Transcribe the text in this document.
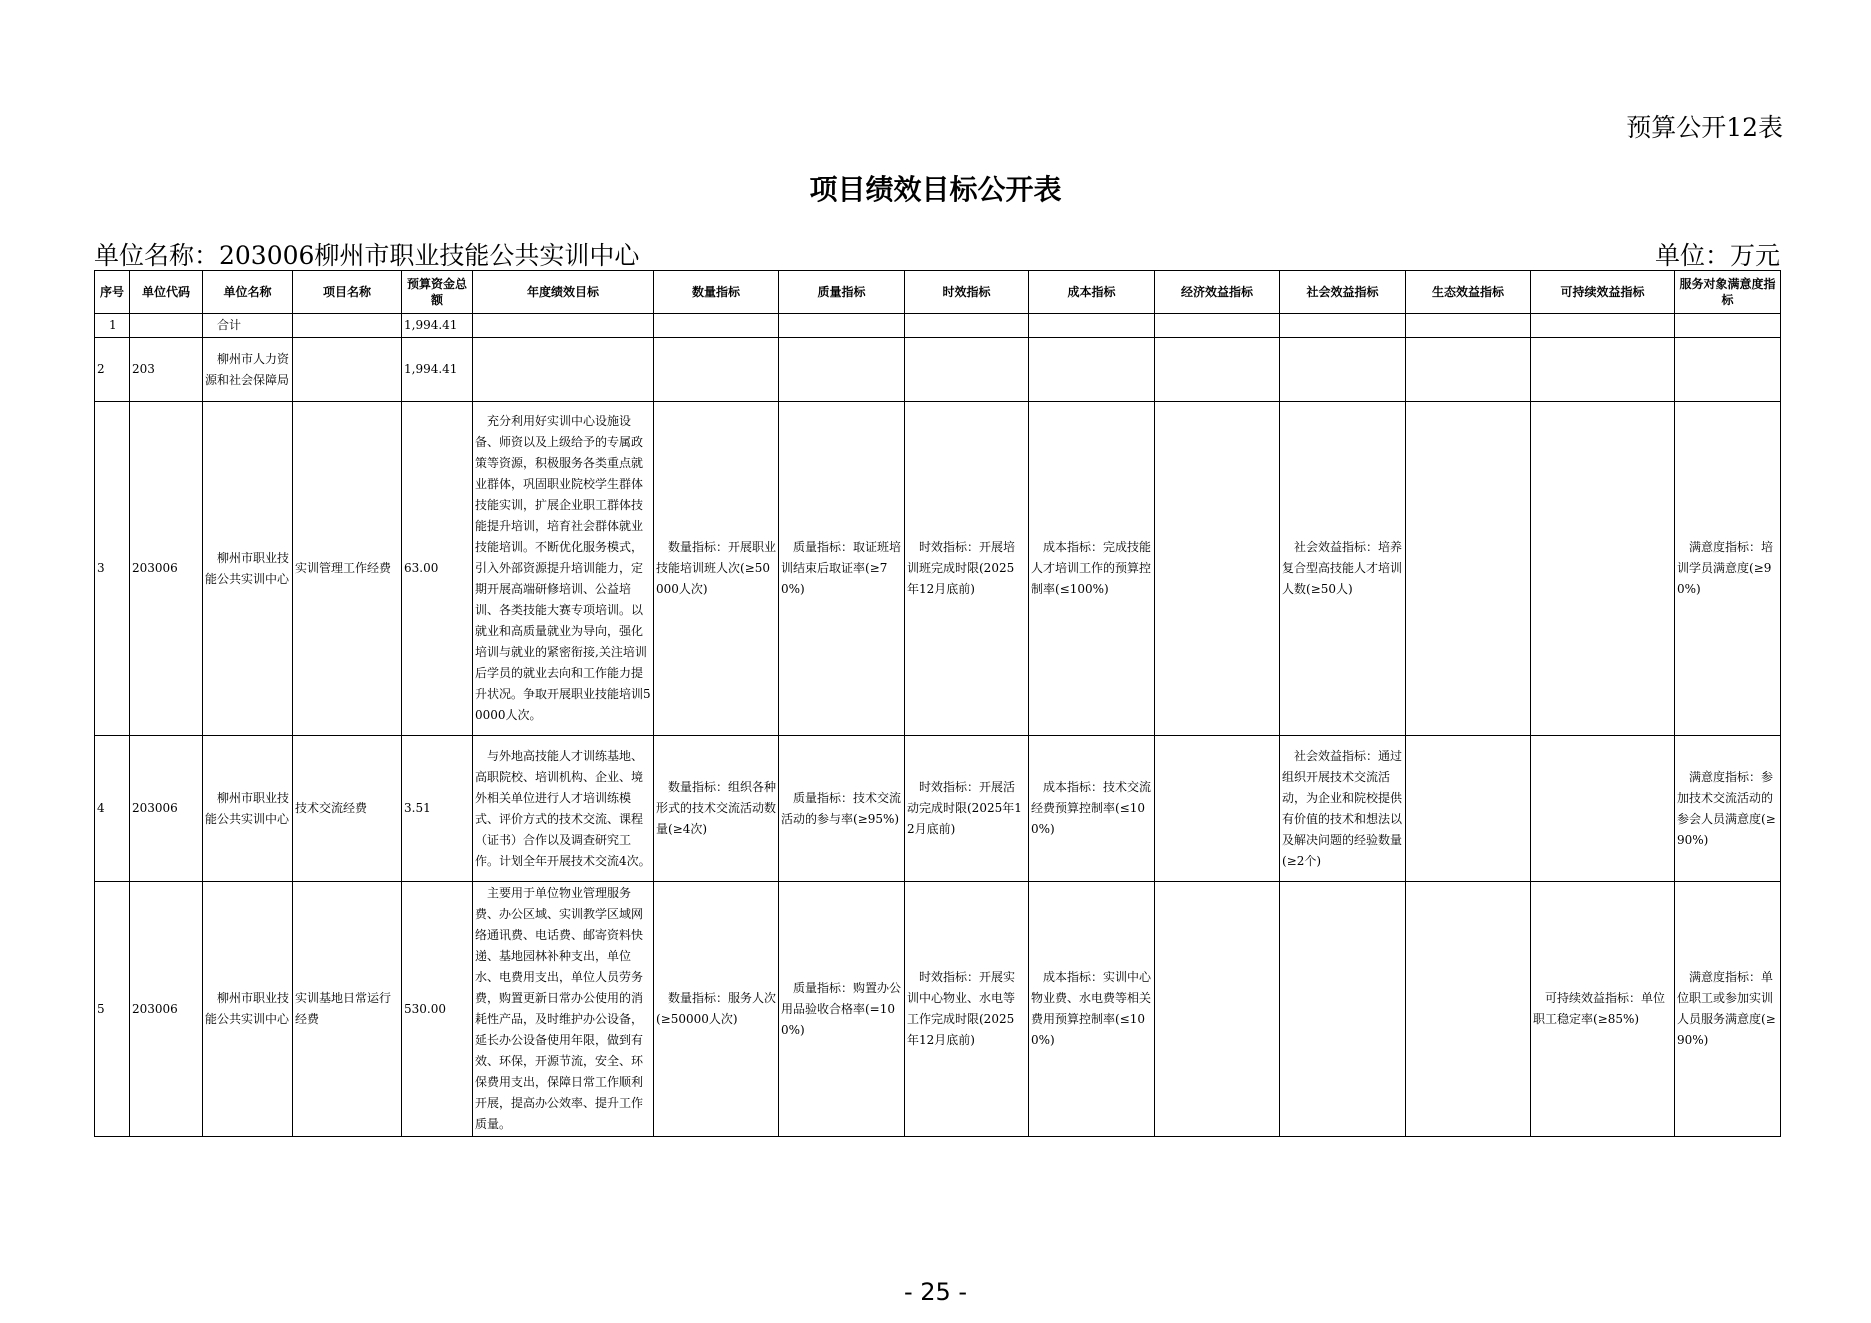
预算公开12表
项目绩效目标公开表
单位名称：203006柳州市职业技能公共实训中心	单位：万元
序号	单位代码	单位名称	项目名称	预算资金总额	年度绩效目标	数量指标	质量指标	时效指标	成本指标	经济效益指标	社会效益指标	生态效益指标	可持续效益指标	服务对象满意度指标
1		合计		1,994.41										
2	203	柳州市人力资源和社会保障局		1,994.41										
3	203006	柳州市职业技能公共实训中心	实训管理工作经费	63.00	充分利用好实训中心设施设备、师资以及上级给予的专属政策等资源，积极服务各类重点就业群体，巩固职业院校学生群体技能实训，扩展企业职工群体技能提升培训，培育社会群体就业技能培训。不断优化服务模式，引入外部资源提升培训能力，定期开展高端研修培训、公益培训、各类技能大赛专项培训。以就业和高质量就业为导向，强化培训与就业的紧密衔接,关注培训后学员的就业去向和工作能力提升状况。争取开展职业技能培训50000人次。	数量指标：开展职业技能培训班人次(≥50000人次)	质量指标：取证班培训结束后取证率(≥70%)	时效指标：开展培训班完成时限(2025年12月底前)	成本指标：完成技能人才培训工作的预算控制率(≤100%)		社会效益指标：培养复合型高技能人才培训人数(≥50人)			满意度指标：培训学员满意度(≥90%)
4	203006	柳州市职业技能公共实训中心	技术交流经费	3.51	与外地高技能人才训练基地、高职院校、培训机构、企业、境外相关单位进行人才培训练模式、评价方式的技术交流、课程（证书）合作以及调查研究工作。计划全年开展技术交流4次。	数量指标：组织各种形式的技术交流活动数量(≥4次)	质量指标：技术交流活动的参与率(≥95%)	时效指标：开展活动完成时限(2025年12月底前)	成本指标：技术交流经费预算控制率(≤100%)		社会效益指标：通过组织开展技术交流活动，为企业和院校提供有价值的技术和想法以及解决问题的经验数量(≥2个)			满意度指标：参加技术交流活动的参会人员满意度(≥90%)
5	203006	柳州市职业技能公共实训中心	实训基地日常运行经费	530.00	主要用于单位物业管理服务费、办公区域、实训教学区域网络通讯费、电话费、邮寄资料快递、基地园林补种支出，单位水、电费用支出，单位人员劳务费，购置更新日常办公使用的消耗性产品，及时维护办公设备，延长办公设备使用年限，做到有效、环保，开源节流，安全、环保费用支出，保障日常工作顺利开展，提高办公效率、提升工作质量。	数量指标：服务人次(≥50000人次)	质量指标：购置办公用品验收合格率(=100%)	时效指标：开展实训中心物业、水电等工作完成时限(2025年12月底前)	成本指标：实训中心物业费、水电费等相关费用预算控制率(≤100%)				可持续效益指标：单位职工稳定率(≥85%)	满意度指标：单位职工或参加实训人员服务满意度(≥90%)
- 25 -
